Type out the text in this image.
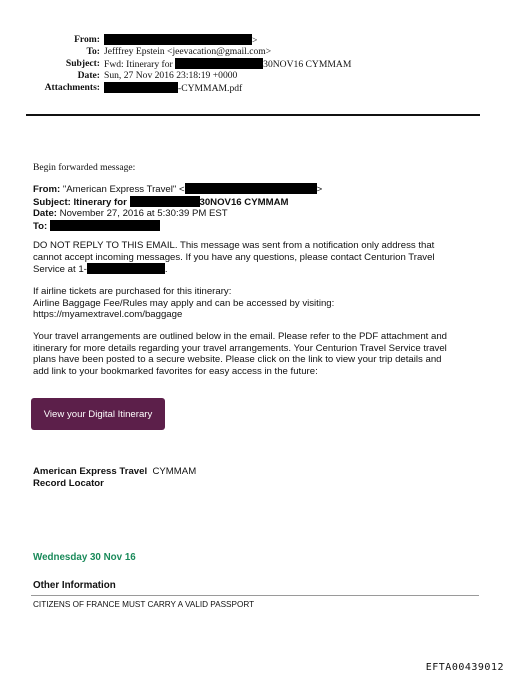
From:	>
To: Jefffrey Epstein <jeevacation@gmail.com>
Subject: Fwd: Itinerary for	30NOV16 CYMMAM
Date: Sun, 27 Nov 2016 23:18:19 +0000
Attachments:	-CYMMAM.pdf
Begin forwarded message:
From: "American Express Travel" <	>
Subject: Itinerary for	30NOV16 CYMMAM
Date: November 27, 2016 at 5:30:39 PM EST
To:
DO NOT REPLY TO THIS EMAIL. This message was sent from a notification only address that
cannot accept incoming messages. If you have any questions, please contact Centurion Travel
Service at 1-	.
If airline tickets are purchased for this itinerary:
Airline Baggage Fee/Rules may apply and can be accessed by visiting:
https://myamextravel.com/baggage
Your travel arrangements are outlined below in the email. Please refer to the PDF attachment and
itinerary for more details regarding your travel arrangements. Your Centurion Travel Service travel
plans have been posted to a secure website. Please click on the link to view your trip details and
add link to your bookmarked favorites for easy access in the future:
View your Digital Itinerary
American Express Travel CYMMAM
Record Locator
Wednesday 30 Nov 16
Other Information
CITIZENS OF FRANCE MUST CARRY A VALID PASSPORT
EFTA00439012
